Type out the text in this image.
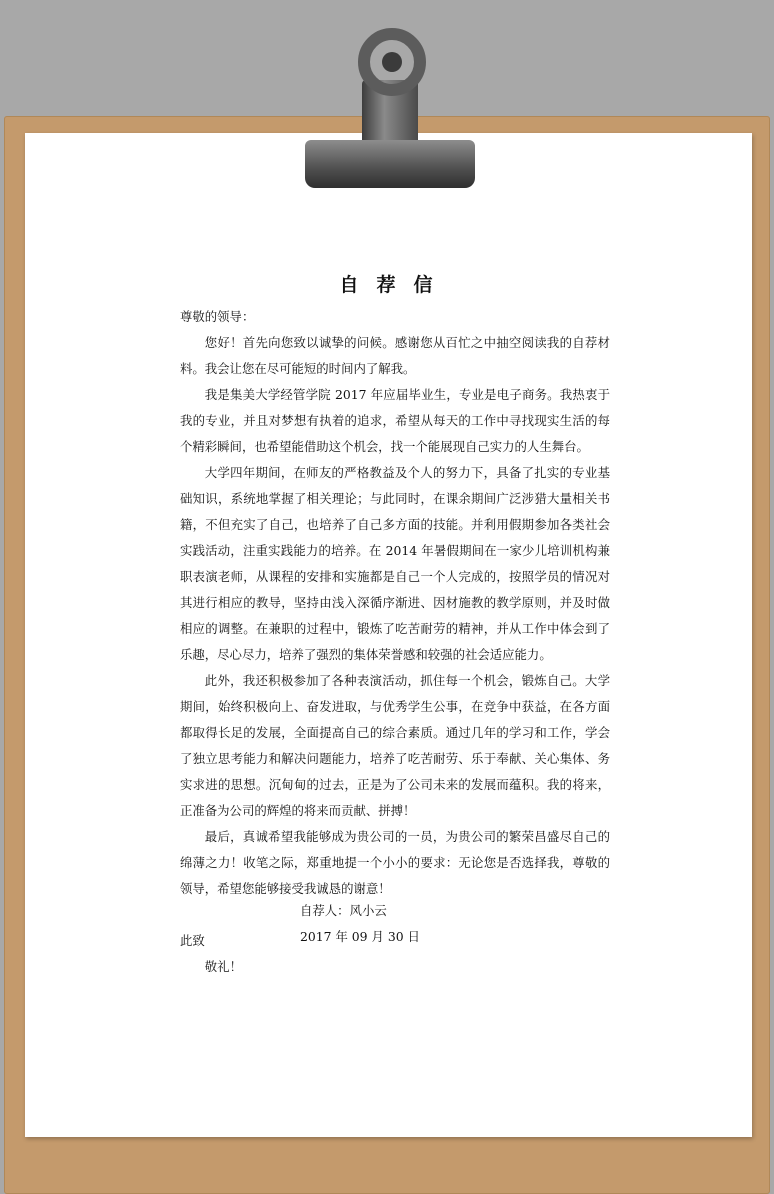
自荐信

尊敬的领导：

您好！首先向您致以诚挚的问候。感谢您从百忙之中抽空阅读我的自荐材料。我会让您在尽可能短的时间内了解我。

我是集美大学经管学院 2017 年应届毕业生，专业是电子商务。我热衷于我的专业，并且对梦想有执着的追求，希望从每天的工作中寻找现实生活的每个精彩瞬间，也希望能借助这个机会，找一个能展现自己实力的人生舞台。

大学四年期间，在师友的严格教益及个人的努力下，具备了扎实的专业基础知识，系统地掌握了相关理论；与此同时，在课余期间广泛涉猎大量相关书籍，不但充实了自己，也培养了自己多方面的技能。并利用假期参加各类社会实践活动，注重实践能力的培养。在 2014 年暑假期间在一家少儿培训机构兼职表演老师，从课程的安排和实施都是自己一个人完成的，按照学员的情况对其进行相应的教导，坚持由浅入深循序渐进、因材施教的教学原则，并及时做相应的调整。在兼职的过程中，锻炼了吃苦耐劳的精神，并从工作中体会到了乐趣，尽心尽力，培养了强烈的集体荣誉感和较强的社会适应能力。

此外，我还积极参加了各种表演活动，抓住每一个机会，锻炼自己。大学期间，始终积极向上、奋发进取，与优秀学生公事，在竞争中获益，在各方面都取得长足的发展，全面提高自己的综合素质。通过几年的学习和工作，学会了独立思考能力和解决问题能力，培养了吃苦耐劳、乐于奉献、关心集体、务实求进的思想。沉甸甸的过去，正是为了公司未来的发展而蕴积。我的将来，正准备为公司的辉煌的将来而贡献、拼搏！

最后，真诚希望我能够成为贵公司的一员，为贵公司的繁荣昌盛尽自己的绵薄之力！收笔之际，郑重地提一个小小的要求：无论您是否选择我，尊敬的领导，希望您能够接受我诚恳的谢意！

此致

敬礼！

自荐人：风小云
2017 年 09 月 30 日
